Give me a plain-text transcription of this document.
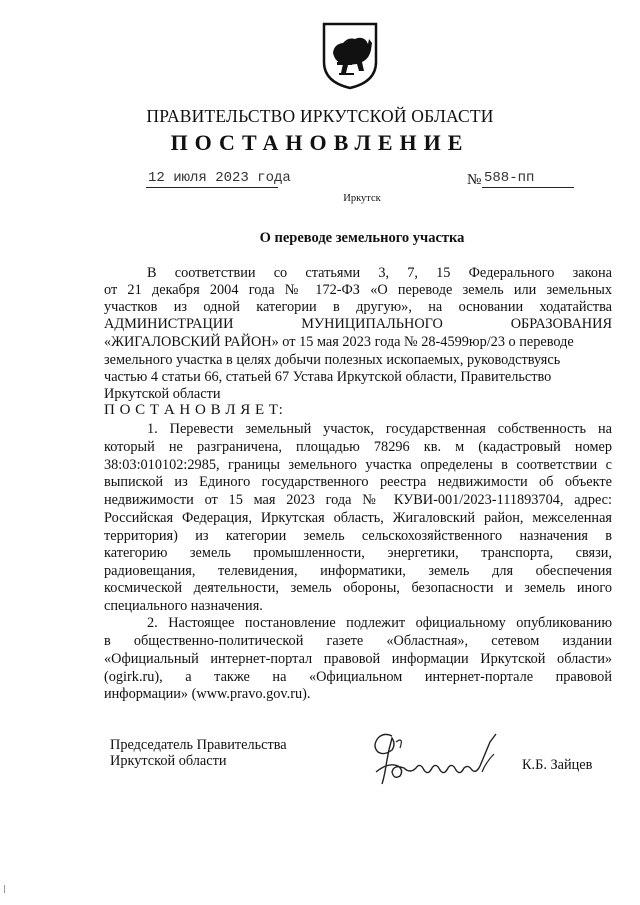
ПРАВИТЕЛЬСТВО ИРКУТСКОЙ ОБЛАСТИ
ПОСТАНОВЛЕНИЕ
12 июля 2023 года	№ 588-пп
Иркутск
О переводе земельного участка
В соответствии со статьями 3, 7, 15 Федерального закона
от 21 декабря 2004 года № 172-ФЗ «О переводе земель или земельных
участков из одной категории в другую», на основании ходатайства
АДМИНИСТРАЦИИ МУНИЦИПАЛЬНОГО ОБРАЗОВАНИЯ
«ЖИГАЛОВСКИЙ РАЙОН» от 15 мая 2023 года № 28-4599юр/23 о переводе
земельного участка в целях добычи полезных ископаемых, руководствуясь
частью 4 статьи 66, статьей 67 Устава Иркутской области, Правительство
Иркутской области
П О С Т А Н О В Л Я Е Т:
1. Перевести земельный участок, государственная собственность на
который не разграничена, площадью 78296 кв. м (кадастровый номер
38:03:010102:2985, границы земельного участка определены в соответствии с
выпиской из Единого государственного реестра недвижимости об объекте
недвижимости от 15 мая 2023 года № КУВИ-001/2023-111893704, адрес:
Российская Федерация, Иркутская область, Жигаловский район, межселенная
территория) из категории земель сельскохозяйственного назначения в
категорию земель промышленности, энергетики, транспорта, связи,
радиовещания, телевидения, информатики, земель для обеспечения
космической деятельности, земель обороны, безопасности и земель иного
специального назначения.
2. Настоящее постановление подлежит официальному опубликованию
в общественно-политической газете «Областная», сетевом издании
«Официальный интернет-портал правовой информации Иркутской области»
(ogirk.ru), а также на «Официальном интернет-портале правовой
информации» (www.pravo.gov.ru).
Председатель Правительства
Иркутской области	К.Б. Зайцев
